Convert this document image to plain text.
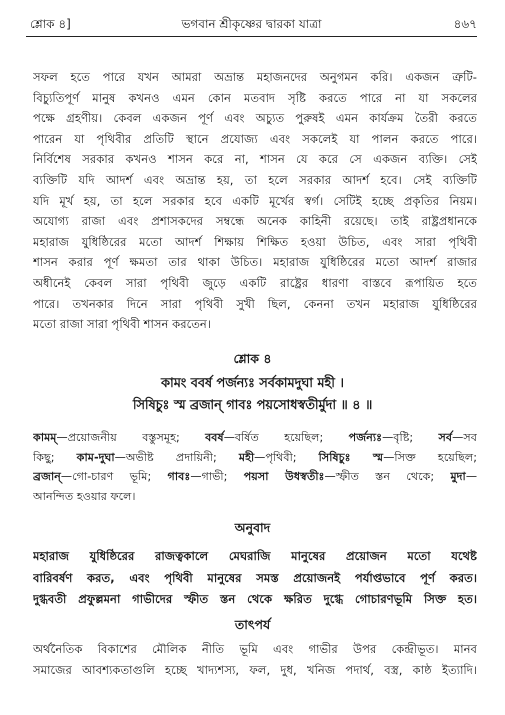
শ্লোক ৪]	ভগবান শ্রীকৃষ্ণের দ্বারকা যাত্রা	৪৬৭
সফল হতে পারে যখন আমরা অভ্রান্ত মহাজনদের অনুগমন করি। একজন ত্রুটি-
বিচ্যুতিপূর্ণ মানুষ কখনও এমন কোন মতবাদ সৃষ্টি করতে পারে না যা সকলের
পক্ষে গ্রহণীয়। কেবল একজন পূর্ণ এবং অচ্যুত পুরুষই এমন কার্যক্রম তৈরী করতে
পারেন যা পৃথিবীর প্রতিটি স্থানে প্রযোজ্য এবং সকলেই যা পালন করতে পারে।
নির্বিশেষ সরকার কখনও শাসন করে না, শাসন যে করে সে একজন ব্যক্তি। সেই
ব্যক্তিটি যদি আদর্শ এবং অভ্রান্ত হয়, তা হলে সরকার আদর্শ হবে। সেই ব্যক্তিটি
যদি মূর্খ হয়, তা হলে সরকার হবে একটি মূর্খের স্বর্গ। সেটিই হচ্ছে প্রকৃতির নিয়ম।
অযোগ্য রাজা এবং প্রশাসকদের সম্বন্ধে অনেক কাহিনী রয়েছে। তাই রাষ্ট্রপ্রধানকে
মহারাজ যুধিষ্ঠিরের মতো আদর্শ শিক্ষায় শিক্ষিত হওয়া উচিত, এবং সারা পৃথিবী
শাসন করার পূর্ণ ক্ষমতা তার থাকা উচিত। মহারাজ যুধিষ্ঠিরের মতো আদর্শ রাজার
অধীনেই কেবল সারা পৃথিবী জুড়ে একটি রাষ্ট্রের ধারণা বাস্তবে রূপায়িত হতে
পারে। তখনকার দিনে সারা পৃথিবী সুখী ছিল, কেননা তখন মহারাজ যুধিষ্ঠিরের
মতো রাজা সারা পৃথিবী শাসন করতেন।
শ্লোক ৪
কামং ববর্ষ পর্জন্যঃ সর্বকামদুঘা মহী ।
সিষিচুঃ স্ম ব্রজান্ গাবঃ পয়সোধস্বতীর্মুদা ॥ ৪ ॥
কামম্—প্রয়োজনীয় বস্তুসমূহ; ববর্ষ—বর্ষিত হয়েছিল; পর্জন্যঃ—বৃষ্টি; সর্ব—সব
কিছু; কাম-দুঘা—অভীষ্ট প্রদায়িনী; মহী—পৃথিবী; সিষিচুঃ স্ম—সিক্ত হয়েছিল;
ব্রজান্—গো-চারণ ভূমি; গাবঃ—গাভী; পয়সা উধস্বতীঃ—স্ফীত স্তন থেকে; মুদা—
আনন্দিত হওয়ার ফলে।
অনুবাদ
মহারাজ যুধিষ্ঠিরের রাজত্বকালে মেঘরাজি মানুষের প্রয়োজন মতো যথেষ্ট
বারিবর্ষণ করত, এবং পৃথিবী মানুষের সমস্ত প্রয়োজনই পর্যাপ্তভাবে পূর্ণ করত।
দুগ্ধবতী প্রফুল্লমনা গাভীদের স্ফীত স্তন থেকে ক্ষরিত দুগ্ধে গোচারণভূমি সিক্ত হত।
তাৎপর্য
অর্থনৈতিক বিকাশের মৌলিক নীতি ভূমি এবং গাভীর উপর কেন্দ্রীভূত। মানব
সমাজের আবশ্যকতাগুলি হচ্ছে খাদ্যশস্য, ফল, দুধ, খনিজ পদার্থ, বস্ত্র, কাষ্ঠ ইত্যাদি।
